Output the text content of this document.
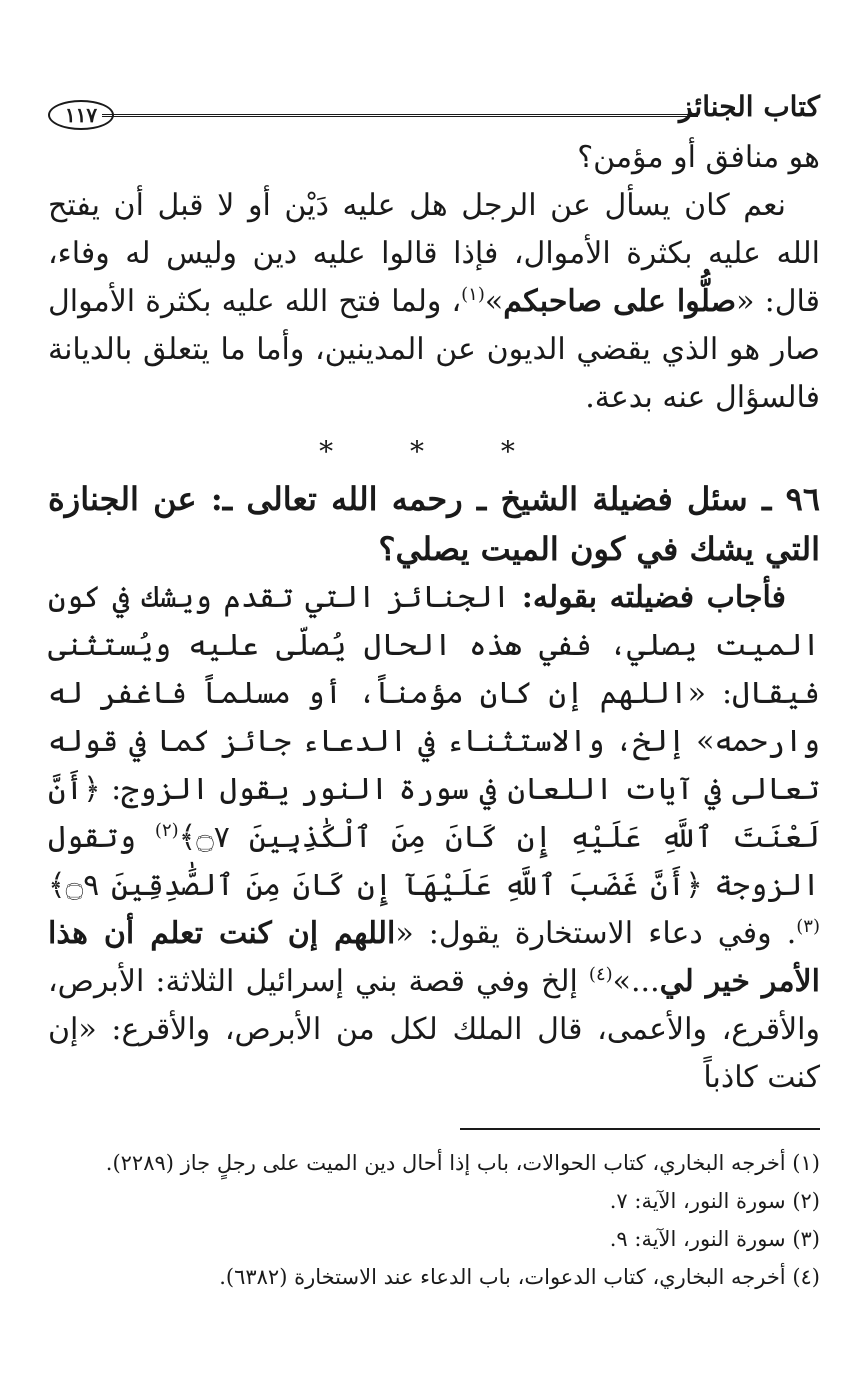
كتاب الجنائز
١١٧

هو منافق أو مؤمن؟

نعم كان يسأل عن الرجل هل عليه دَيْن أو لا قبل أن يفتح الله عليه بكثرة الأموال، فإذا قالوا عليه دين وليس له وفاء، قال: «صلُّوا على صاحبكم»$^{(١)}$، ولما فتح الله عليه بكثرة الأموال صار هو الذي يقضي الديون عن المدينين، وأما ما يتعلق بالديانة فالسؤال عنه بدعة.

* * *

٩٦ ـ سئل فضيلة الشيخ ـ رحمه الله تعالى ـ: عن الجنازة التي يشك في كون الميت يصلي؟

فأجاب فضيلته بقوله: الجنائز التي تقدم ويشك في كون الميت يصلي، ففي هذه الحال يُصلّى عليه ويُستثنى فيقال: «اللهم إن كان مؤمناً، أو مسلماً فاغفر له وارحمه» إلخ، والاستثناء في الدعاء جائز كما في قوله تعالى في آيات اللعان في سورة النور يقول الزوج: ﴿أَنَّ لَعْنَتَ ٱللَّهِ عَلَيْهِ إِن كَانَ مِنَ ٱلْكَٰذِبِينَ ۝٧﴾$^{(٢)}$ وتقول الزوجة ﴿أَنَّ غَضَبَ ٱللَّهِ عَلَيْهَآ إِن كَانَ مِنَ ٱلصَّٰدِقِينَ ۝٩﴾$^{(٣)}$. وفي دعاء الاستخارة يقول: «اللهم إن كنت تعلم أن هذا الأمر خير لي...»$^{(٤)}$ إلخ وفي قصة بني إسرائيل الثلاثة: الأبرص، والأقرع، والأعمى، قال الملك لكل من الأبرص، والأقرع: «إن كنت كاذباً

(١) أخرجه البخاري، كتاب الحوالات، باب إذا أحال دين الميت على رجلٍ جاز (٢٢٨٩).

(٢) سورة النور، الآية: ٧.

(٣) سورة النور، الآية: ٩.

(٤) أخرجه البخاري، كتاب الدعوات، باب الدعاء عند الاستخارة (٦٣٨٢).
